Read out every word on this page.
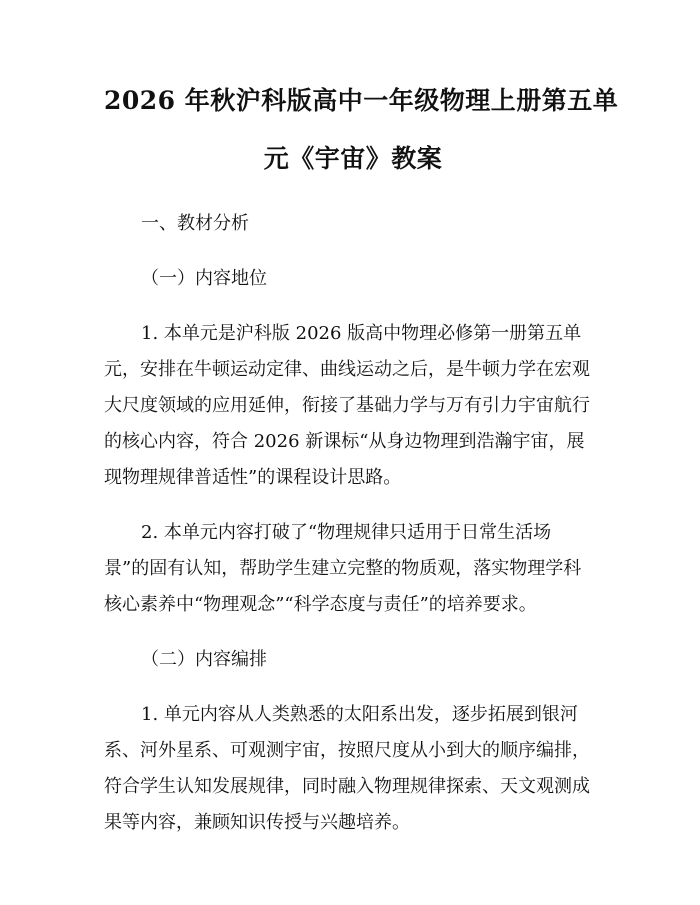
2026 年秋沪科版高中一年级物理上册第五单
元《宇宙》教案

一、教材分析

（一）内容地位

1. 本单元是沪科版 2026 版高中物理必修第一册第五单
元，安排在牛顿运动定律、曲线运动之后，是牛顿力学在宏观
大尺度领域的应用延伸，衔接了基础力学与万有引力宇宙航行
的核心内容，符合 2026 新课标“从身边物理到浩瀚宇宙，展
现物理规律普适性”的课程设计思路。

2. 本单元内容打破了“物理规律只适用于日常生活场
景”的固有认知，帮助学生建立完整的物质观，落实物理学科
核心素养中“物理观念”“科学态度与责任”的培养要求。

（二）内容编排

1. 单元内容从人类熟悉的太阳系出发，逐步拓展到银河
系、河外星系、可观测宇宙，按照尺度从小到大的顺序编排，
符合学生认知发展规律，同时融入物理规律探索、天文观测成
果等内容，兼顾知识传授与兴趣培养。
